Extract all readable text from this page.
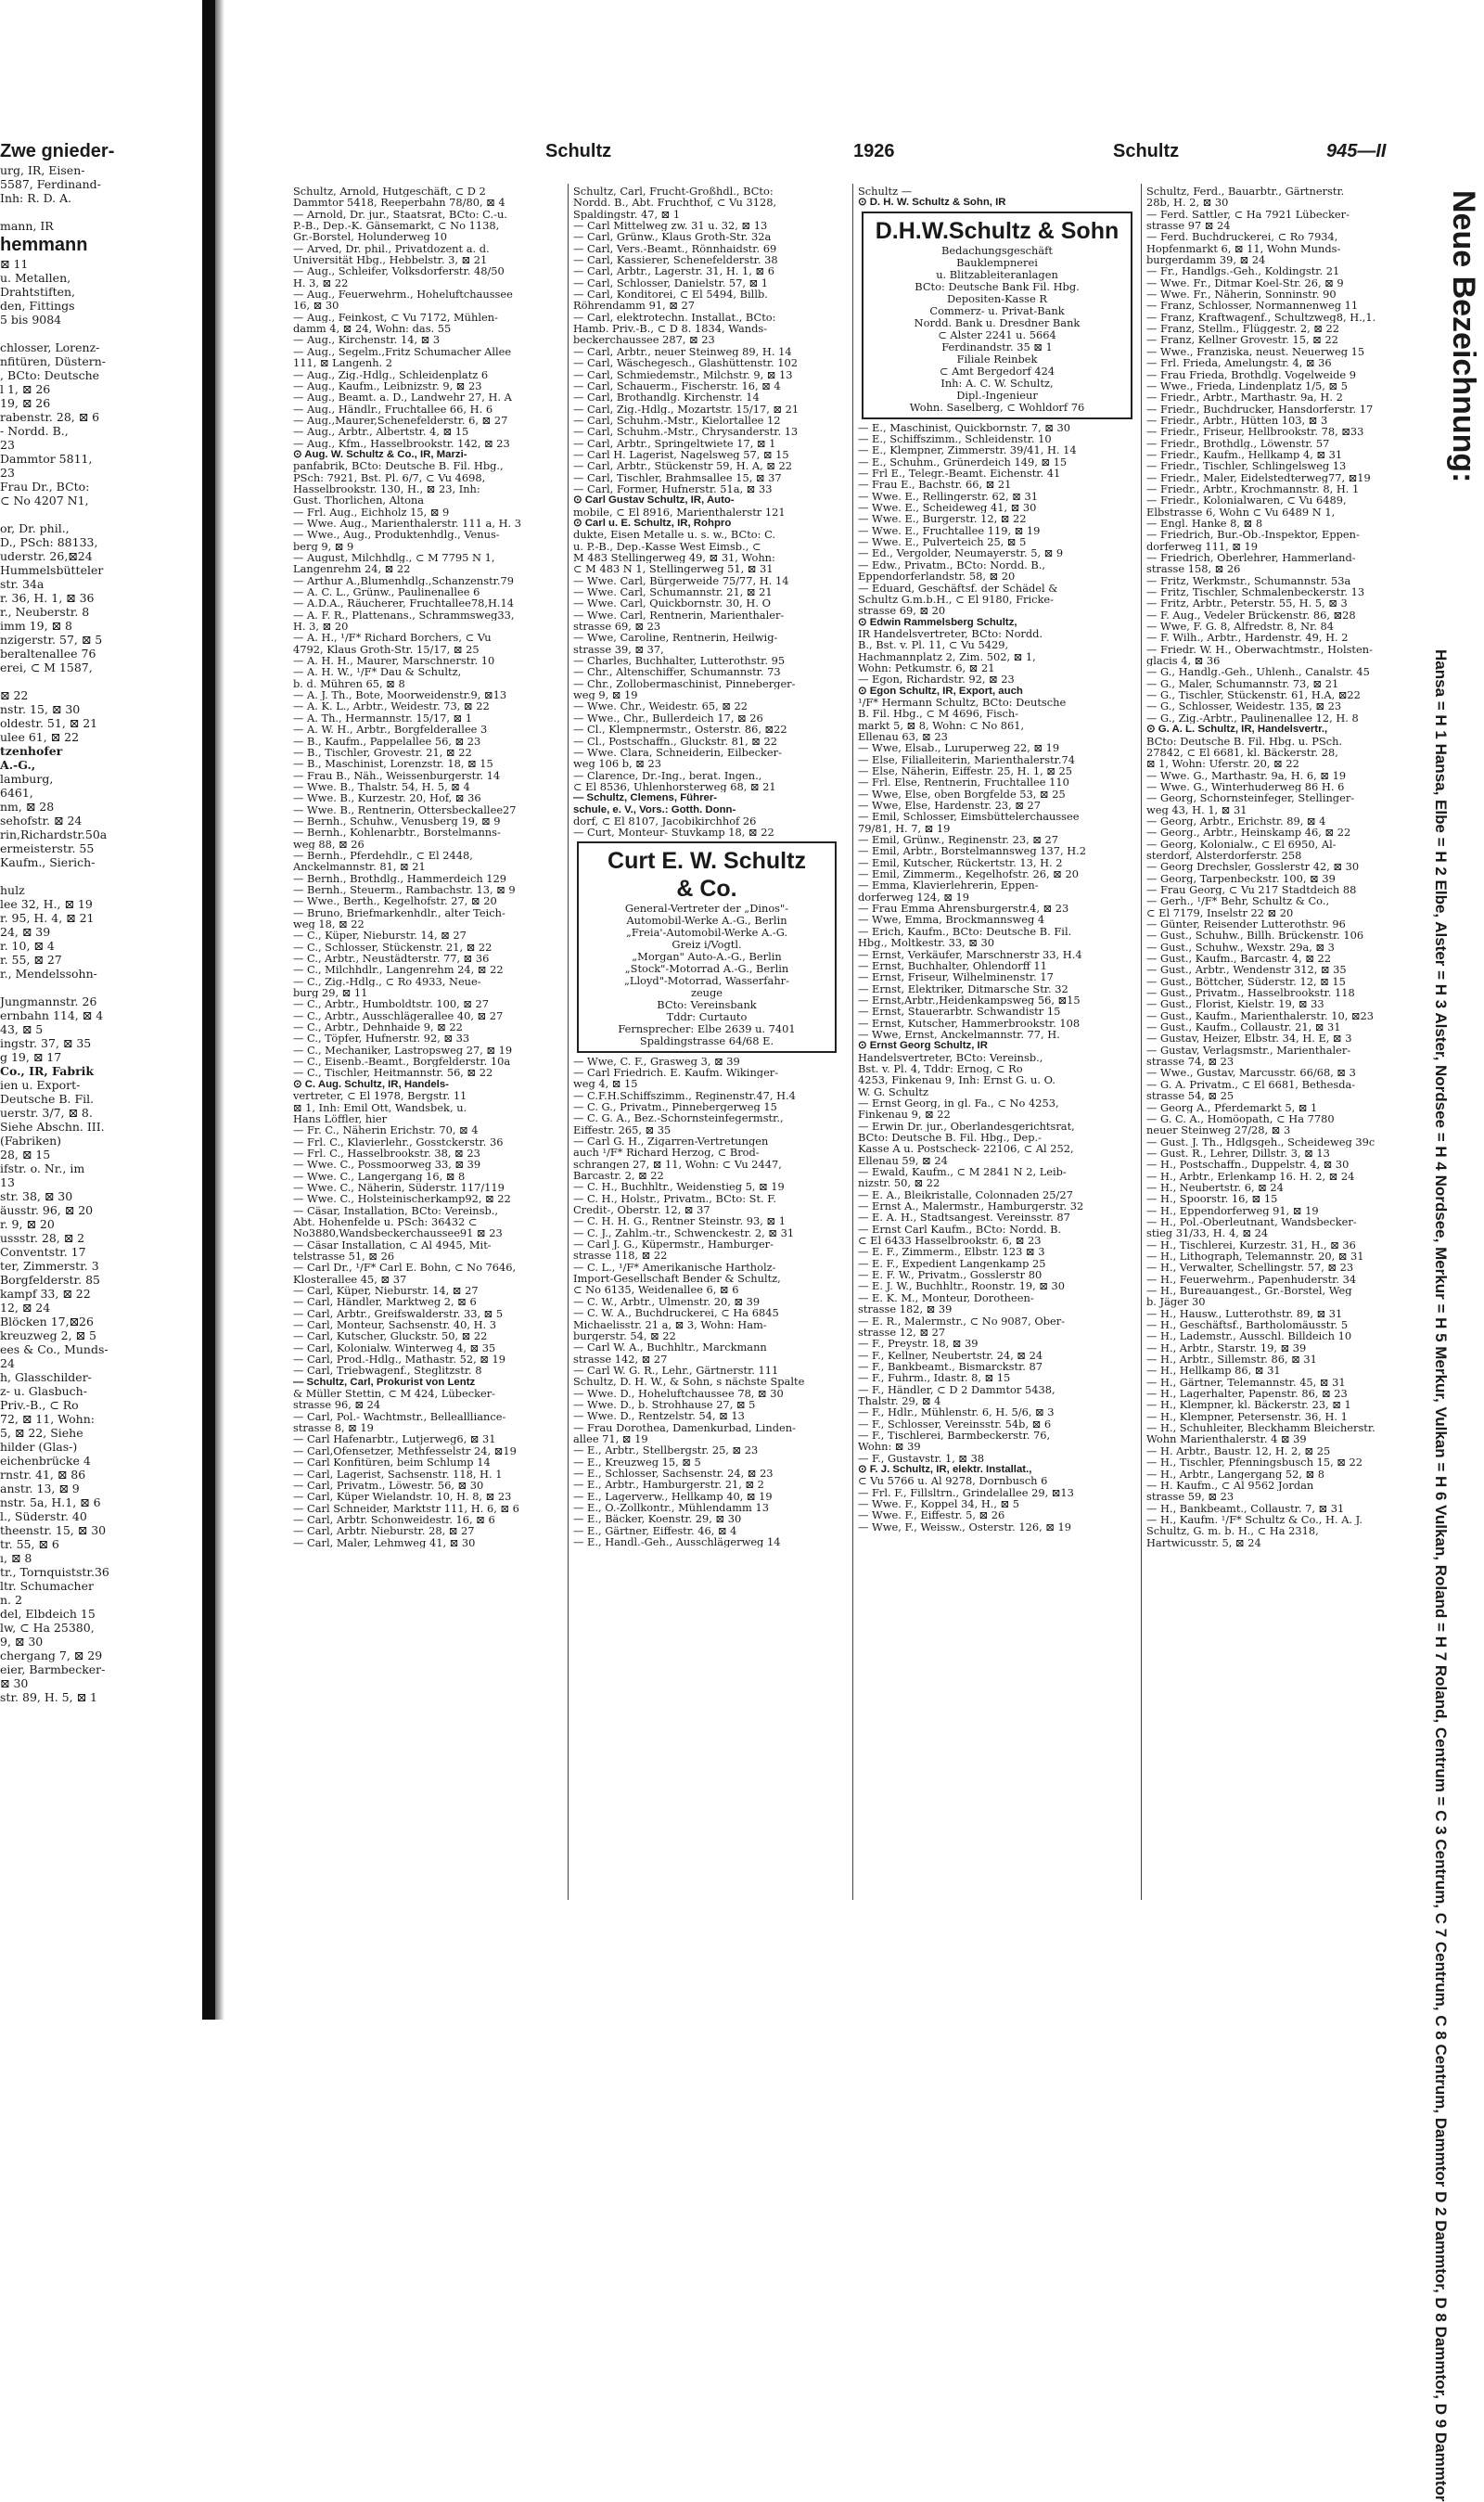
Zwe gnieder-
urg, IR, Eisen-
5587, Ferdinand-
Inh: R. D. A.

mann, IR
hemmann
⊠ 11
u. Metallen,
Drahtstiften,
den, Fittings
5 bis 9084

chlosser, Lorenz-
nfitüren, Düstern-
, BCto: Deutsche
l 1, ⊠ 26
19, ⊠ 26
rabenstr. 28, ⊠ 6
- Nordd. B.,
23
Dammtor 5811,
23
Frau Dr., BCto:
⊂ No 4207 N1,

or, Dr. phil.,
D., PSch: 88133,
uderstr. 26,⊠24
Hummelsbütteler
str. 34a
r. 36, H. 1, ⊠ 36
r., Neuberstr. 8
imm 19, ⊠ 8
nzigerstr. 57, ⊠ 5
beraltenallee 76
erei, ⊂ M 1587,

⊠ 22
nstr. 15, ⊠ 30
oldestr. 51, ⊠ 21
ulee 61, ⊠ 22
tzenhofer
A.-G.,
lamburg,
6461,
nm, ⊠ 28
sehofstr. ⊠ 24
rin,Richardstr.50a
ermeisterstr. 55
Kaufm., Sierich-

hulz
lee 32, H., ⊠ 19
r. 95, H. 4, ⊠ 21
24, ⊠ 39
r. 10, ⊠ 4
r. 55, ⊠ 27
r., Mendelssohn-

Jungmannstr. 26
ernbahn 114, ⊠ 4
43, ⊠ 5
ingstr. 37, ⊠ 35
g 19, ⊠ 17
Co., IR, Fabrik
ien u. Export-
Deutsche B. Fil.
uerstr. 3/7, ⊠ 8.
Siehe Abschn. III.
(Fabriken)
28, ⊠ 15
ifstr. o. Nr., im
13
str. 38, ⊠ 30
äusstr. 96, ⊠ 20
r. 9, ⊠ 20
ussstr. 28, ⊠ 2
Conventstr. 17
ter, Zimmerstr. 3
Borgfelderstr. 85
kampf 33, ⊠ 22
12, ⊠ 24
Blöcken 17,⊠26
kreuzweg 2, ⊠ 5
ees & Co., Munds-
24
h, Glasschilder-
z- u. Glasbuch-
Priv.-B., ⊂ Ro
72, ⊠ 11, Wohn:
5, ⊠ 22, Siehe
hilder (Glas-)
eichenbrücke 4
rnstr. 41, ⊠ 86
anstr. 13, ⊠ 9
nstr. 5a, H.1, ⊠ 6
l., Süderstr. 40
theenstr. 15, ⊠ 30
tr. 55, ⊠ 6
ı, ⊠ 8
tr., Tornquiststr.36
ltr. Schumacher
n. 2
del, Elbdeich 15
lw, ⊂ Ha 25380,
9, ⊠ 30
chergang 7, ⊠ 29
eier, Barmbecker-
⊠ 30
str. 89, H. 5, ⊠ 1
Schultz	1926	Schultz	945—II
Schultz, Arnold, Hutgeschäft, ⊂ D 2
Dammtor 5418, Reeperbahn 78/80, ⊠ 4
— Arnold, Dr. jur., Staatsrat, BCto: C.-u.
P.-B., Dep.-K. Gänsemarkt, ⊂ No 1138,
Gr.-Borstel, Holunderweg 10
— Arved, Dr. phil., Privatdozent a. d.
Universität Hbg., Hebbelstr. 3, ⊠ 21
— Aug., Schleifer, Volksdorferstr. 48/50
H. 3, ⊠ 22
— Aug., Feuerwehrm., Hoheluftchaussee
16, ⊠ 30
— Aug., Feinkost, ⊂ Vu 7172, Mühlen-
damm 4, ⊠ 24, Wohn: das. 55
— Aug., Kirchenstr. 14, ⊠ 3
— Aug., Segelm.,Fritz Schumacher Allee
111, ⊠ Langenh. 2
— Aug., Zig.-Hdlg., Schleidenplatz 6
— Aug., Kaufm., Leibnizstr. 9, ⊠ 23
— Aug., Beamt. a. D., Landwehr 27, H. A
— Aug., Händlr., Fruchtallee 66, H. 6
— Aug.,Maurer,Schenefelderstr. 6, ⊠ 27
— Aug., Arbtr., Albertstr. 4, ⊠ 15
— Aug., Kfm., Hasselbrookstr. 142, ⊠ 23
⊙ Aug. W. Schultz & Co., IR, Marzi-
panfabrik, BCto: Deutsche B. Fil. Hbg.,
PSch: 7921, Bst. Pl. 6/7, ⊂ Vu 4698,
Hasselbrookstr. 130, H., ⊠ 23, Inh:
Gust. Thorlichen, Altona
— Frl. Aug., Eichholz 15, ⊠ 9
— Wwe. Aug., Marienthalerstr. 111 a, H. 3
— Wwe., Aug., Produktenhdlg., Venus-
berg 9, ⊠ 9
— August, Milchhdlg., ⊂ M 7795 N 1,
Langenrehm 24, ⊠ 22
— Arthur A.,Blumenhdlg.,Schanzenstr.79
— A. C. L., Grünw., Paulinenallee 6
— A.D.A., Räucherer, Fruchtallee78,H.14
— A. F. R., Plattenans., Schrammsweg33,
H. 3, ⊠ 20
— A. H., ¹/F* Richard Borchers, ⊂ Vu
4792, Klaus Groth-Str. 15/17, ⊠ 25
— A. H. H., Maurer, Marschnerstr. 10
— A. H. W., ¹/F* Dau & Schultz,
b. d. Mühren 65, ⊠ 8
— A. J. Th., Bote, Moorweidenstr.9, ⊠13
— A. K. L., Arbtr., Weidestr. 73, ⊠ 22
— A. Th., Hermannstr. 15/17, ⊠ 1
— A. W. H., Arbtr., Borgfelderallee 3
— B., Kaufm., Pappelallee 56, ⊠ 23
— B., Tischler, Grovestr. 21, ⊠ 22
— B., Maschinist, Lorenzstr. 18, ⊠ 15
— Frau B., Näh., Weissenburgerstr. 14
— Wwe. B., Thalstr. 54, H. 5, ⊠ 4
— Wwe. B., Kurzestr. 20, Hof, ⊠ 36
— Wwe. B., Rentnerin, Ottersbeckallee27
— Bernh., Schuhw., Venusberg 19, ⊠ 9
— Bernh., Kohlenarbtr., Borstelmanns-
weg 88, ⊠ 26
— Bernh., Pferdehdlr., ⊂ El 2448,
Anckelmannstr. 81, ⊠ 21
— Bernh., Brothdlg., Hammerdeich 129
— Bernh., Steuerm., Rambachstr. 13, ⊠ 9
— Wwe., Berth., Kegelhofstr. 27, ⊠ 20
— Bruno, Briefmarkenhdlr., alter Teich-
weg 18, ⊠ 22
— C., Küper, Nieburstr. 14, ⊠ 27
— C., Schlosser, Stückenstr. 21, ⊠ 22
— C., Arbtr., Neustädterstr. 77, ⊠ 36
— C., Milchhdlr., Langenrehm 24, ⊠ 22
— C., Zig.-Hdlg., ⊂ Ro 4933, Neue-
burg 29, ⊠ 11
— C., Arbtr., Humboldtstr. 100, ⊠ 27
— C., Arbtr., Ausschlägerallee 40, ⊠ 27
— C., Arbtr., Dehnhaide 9, ⊠ 22
— C., Töpfer, Hufnerstr. 92, ⊠ 33
— C., Mechaniker, Lastropsweg 27, ⊠ 19
— C., Eisenb.-Beamt., Borgfelderstr. 10a
— C., Tischler, Heitmannstr. 56, ⊠ 22
⊙ C. Aug. Schultz, IR, Handels-
vertreter, ⊂ El 1978, Bergstr. 11
⊠ 1, Inh: Emil Ott, Wandsbek, u.
Hans Löffler, hier
— Fr. C., Näherin Erichstr. 70, ⊠ 4
— Frl. C., Klavierlehr., Gosstckerstr. 36
— Frl. C., Hasselbrookstr. 38, ⊠ 23
— Wwe. C., Possmoorweg 33, ⊠ 39
— Wwe. C., Langergang 16, ⊠ 8
— Wwe. C., Näherin, Süderstr. 117/119
— Wwe. C., Holsteinischerkamp92, ⊠ 22
— Cäsar, Installation, BCto: Vereinsb.,
Abt. Hohenfelde u. PSch: 36432 ⊂
No3880,Wandsbeckerchaussee91 ⊠ 23
— Cäsar Installation, ⊂ Al 4945, Mit-
telstrasse 51, ⊠ 26
— Carl Dr., ¹/F* Carl E. Bohn, ⊂ No 7646,
Klosterallee 45, ⊠ 37
— Carl, Küper, Nieburstr. 14, ⊠ 27
— Carl, Händler, Marktweg 2, ⊠ 6
— Carl, Arbtr., Greifswalderstr. 33, ⊠ 5
— Carl, Monteur, Sachsenstr. 40, H. 3
— Carl, Kutscher, Gluckstr. 50, ⊠ 22
— Carl, Kolonialw. Winterweg 4, ⊠ 35
— Carl, Prod.-Hdlg., Mathastr. 52, ⊠ 19
— Carl, Triebwagenf., Steglitzstr. 8
— Schultz, Carl, Prokurist von Lentz
& Müller Stettin, ⊂ M 424, Lübecker-
strasse 96, ⊠ 24
— Carl, Pol.- Wachtmstr., Belleallliance-
strasse 8, ⊠ 19
— Carl Hafenarbtr., Lutjerweg6, ⊠ 31
— Carl,Ofensetzer, Methfesselstr 24, ⊠19
— Carl Konfitüren, beim Schlump 14
— Carl, Lagerist, Sachsenstr. 118, H. 1
— Carl, Privatm., Löwestr. 56, ⊠ 30
— Carl, Küper Wielandstr. 10, H. 8, ⊠ 23
— Carl Schneider, Marktstr 111, H. 6, ⊠ 6
— Carl, Arbtr. Schonweidestr. 16, ⊠ 6
— Carl, Arbtr. Nieburstr. 28, ⊠ 27
— Carl, Maler, Lehmweg 41, ⊠ 30
Schultz, Carl, Frucht-Großhdl., BCto:
Nordd. B., Abt. Fruchthof, ⊂ Vu 3128,
Spaldingstr. 47, ⊠ 1
— Carl Mittelweg zw. 31 u. 32, ⊠ 13
— Carl, Grünw., Klaus Groth-Str. 32a
— Carl, Vers.-Beamt., Rönnhaidstr. 69
— Carl, Kassierer, Schenefelderstr. 38
— Carl, Arbtr., Lagerstr. 31, H. 1, ⊠ 6
— Carl, Schlosser, Danielstr. 57, ⊠ 1
— Carl, Konditorei, ⊂ El 5494, Billb.
Röhrendamm 91, ⊠ 27
— Carl, elektrotechn. Installat., BCto:
Hamb. Priv.-B., ⊂ D 8. 1834, Wands-
beckerchaussee 287, ⊠ 23
— Carl, Arbtr., neuer Steinweg 89, H. 14
— Carl, Wäschegesch., Glashüttenstr. 102
— Carl, Schmiedemstr., Milchstr. 9, ⊠ 13
— Carl, Schauerm., Fischerstr. 16, ⊠ 4
— Carl, Brothandlg. Kirchenstr. 14
— Carl, Zig.-Hdlg., Mozartstr. 15/17, ⊠ 21
— Carl, Schuhm.-Mstr., Kielortallee 12
— Carl, Schuhm.-Mstr., Chrysanderstr. 13
— Carl, Arbtr., Springeltwiete 17, ⊠ 1
— Carl H. Lagerist, Nagelsweg 57, ⊠ 15
— Carl, Arbtr., Stückenstr 59, H. A, ⊠ 22
— Carl, Tischler, Brahmsallee 15, ⊠ 37
— Carl, Former, Hufnerstr. 51a, ⊠ 33
⊙ Carl Gustav Schultz, IR, Auto-
mobile, ⊂ El 8916, Marienthalerstr 121
⊙ Carl u. E. Schultz, IR, Rohpro
dukte, Eisen Metalle u. s. w., BCto: C.
u. P.-B., Dep.-Kasse West Eimsb., ⊂
M 483 Stellingerweg 49, ⊠ 31, Wohn:
⊂ M 483 N 1, Stellingerweg 51, ⊠ 31
— Wwe. Carl, Bürgerweide 75/77, H. 14
— Wwe. Carl, Schumannstr. 21, ⊠ 21
— Wwe. Carl, Quickbornstr. 30, H. O
— Wwe. Carl, Rentnerin, Marienthaler-
strasse 69, ⊠ 23
— Wwe, Caroline, Rentnerin, Heilwig-
strasse 39, ⊠ 37,
— Charles, Buchhalter, Lutterothstr. 95
— Chr., Altenschiffer, Schumannstr. 73
— Chr., Zollobermaschinist, Pinneberger-
weg 9, ⊠ 19
— Wwe. Chr., Weidestr. 65, ⊠ 22
— Wwe., Chr., Bullerdeich 17, ⊠ 26
— Cl., Klempnermstr., Osterstr. 86, ⊠22
— Cl., Postschaffn., Gluckstr. 81, ⊠ 22
— Wwe. Clara, Schneiderin, Eilbecker-
weg 106 b, ⊠ 23
— Clarence, Dr.-Ing., berat. Ingen.,
⊂ El 8536, Uhlenhorsterweg 68, ⊠ 21
— Schultz, Clemens, Führer-
schule, e. V., Vors.: Gotth. Donn-
dorf, ⊂ El 8107, Jacobikirchhof 26
— Curt, Monteur- Stuvkamp 18, ⊠ 22
Curt E. W. Schultz
& Co.
General-Vertreter der „Dinos"-
Automobil-Werke A.-G., Berlin
„Freia'-Automobil-Werke A.-G.
Greiz i/Vogtl.
„Morgan" Auto-A.-G., Berlin
„Stock"-Motorrad A.-G., Berlin
„Lloyd"-Motorrad, Wasserfahr-
zeuge
BCto: Vereinsbank
Tddr: Curtauto
Fernsprecher: Elbe 2639 u. 7401
Spaldingstrasse 64/68 E.
— Wwe, C. F., Grasweg 3, ⊠ 39
— Carl Friedrich. E. Kaufm. Wikinger-
weg 4, ⊠ 15
— C.F.H.Schiffszimm., Reginenstr.47, H.4
— C. G., Privatm., Pinnebergerweg 15
— C. G. A., Bez.-Schornsteinfegermstr.,
Eiffestr. 265, ⊠ 35
— Carl G. H., Zigarren-Vertretungen
auch ¹/F* Richard Herzog, ⊂ Brod-
schrangen 27, ⊠ 11, Wohn: ⊂ Vu 2447,
Barcastr. 2, ⊠ 22
— C. H., Buchhltr., Weidenstieg 5, ⊠ 19
— C. H., Holstr., Privatm., BCto: St. F.
Credit-, Oberstr. 12, ⊠ 37
— C. H. H. G., Rentner Steinstr. 93, ⊠ 1
— C. J., Zahlm.-tr., Schwenckestr. 2, ⊠ 31
— Carl J. G., Küpermstr., Hamburger-
strasse 118, ⊠ 22
— C. L., ¹/F* Amerikanische Hartholz-
Import-Gesellschaft Bender & Schultz,
⊂ No 6135, Weidenallee 6, ⊠ 6
— C. W., Arbtr., Ulmenstr. 20, ⊠ 39
— C. W. A., Buchdruckerei, ⊂ Ha 6845
Michaelisstr. 21 a, ⊠ 3, Wohn: Ham-
burgerstr. 54, ⊠ 22
— Carl W. A., Buchhltr., Marckmann
strasse 142, ⊠ 27
— Carl W. G. R., Lehr., Gärtnerstr. 111
Schultz, D. H. W., & Sohn, s nächste Spalte
— Wwe. D., Hoheluftchaussee 78, ⊠ 30
— Wwe. D., b. Strohhause 27, ⊠ 5
— Wwe. D., Rentzelstr. 54, ⊠ 13
— Frau Dorothea, Damenkurbad, Linden-
allee 71, ⊠ 19
— E., Arbtr., Stellbergstr. 25, ⊠ 23
— E., Kreuzweg 15, ⊠ 5
— E., Schlosser, Sachsenstr. 24, ⊠ 23
— E., Arbtr., Hamburgerstr. 21, ⊠ 2
— E., Lagerverw., Hellkamp 40, ⊠ 19
— E., O.-Zollkontr., Mühlendamm 13
— E., Bäcker, Koenstr. 29, ⊠ 30
— E., Gärtner, Eiffestr. 46, ⊠ 4
— E., Handl.-Geh., Ausschlägerweg 14
Schultz —
⊙ D. H. W. Schultz & Sohn, IR
D.H.W.Schultz & Sohn
Bedachungsgeschäft
Bauklempnerei
u. Blitzableiteranlagen
BCto: Deutsche Bank Fil. Hbg.
Depositen-Kasse R
Commerz- u. Privat-Bank
Nordd. Bank u. Dresdner Bank
⊂ Alster 2241 u. 5664
Ferdinandstr. 35 ⊠ 1
Filiale Reinbek
⊂ Amt Bergedorf 424
Inh: A. C. W. Schultz,
Dipl.-Ingenieur
Wohn. Saselberg, ⊂ Wohldorf 76
— E., Maschinist, Quickbornstr. 7, ⊠ 30
— E., Schiffszimm., Schleidenstr. 10
— E., Klempner, Zimmerstr. 39/41, H. 14
— E., Schuhm., Grünerdeich 149, ⊠ 15
— Frl E., Telegr.-Beamt. Eichenstr. 41
— Frau E., Bachstr. 66, ⊠ 21
— Wwe. E., Rellingerstr. 62, ⊠ 31
— Wwe. E., Scheideweg 41, ⊠ 30
— Wwe. E., Burgerstr. 12, ⊠ 22
— Wwe. E., Fruchtallee 119, ⊠ 19
— Wwe. E., Pulverteich 25, ⊠ 5
— Ed., Vergolder, Neumayerstr. 5, ⊠ 9
— Edw., Privatm., BCto: Nordd. B.,
Eppendorferlandstr. 58, ⊠ 20
— Eduard, Geschäftsf. der Schädel &
Schultz G.m.b.H., ⊂ El 9180, Fricke-
strasse 69, ⊠ 20
⊙ Edwin Rammelsberg Schultz,
IR Handelsvertreter, BCto: Nordd.
B., Bst. v. Pl. 11, ⊂ Vu 5429,
Hachmannplatz 2, Zim. 502, ⊠ 1,
Wohn: Petkumstr. 6, ⊠ 21
— Egon, Richardstr. 92, ⊠ 23
⊙ Egon Schultz, IR, Export, auch
¹/F* Hermann Schultz, BCto: Deutsche
B. Fil. Hbg., ⊂ M 4696, Fisch-
markt 5, ⊠ 8, Wohn: ⊂ No 861,
Ellenau 63, ⊠ 23
— Wwe, Elsab., Luruperweg 22, ⊠ 19
— Else, Filialleiterin, Marienthalerstr.74
— Else, Näherin, Eiffestr. 25, H. 1, ⊠ 25
— Frl. Else, Rentnerin, Fruchtallee 110
— Wwe, Else, oben Borgfelde 53, ⊠ 25
— Wwe, Else, Hardenstr. 23, ⊠ 27
— Emil, Schlosser, Eimsbüttelerchaussee
79/81, H. 7, ⊠ 19
— Emil, Grünw., Reginenstr. 23, ⊠ 27
— Emil, Arbtr., Borstelmannsweg 137, H.2
— Emil, Kutscher, Rückertstr. 13, H. 2
— Emil, Zimmerm., Kegelhofstr. 26, ⊠ 20
— Emma, Klavierlehrerin, Eppen-
dorferweg 124, ⊠ 19
— Frau Emma Ahrensburgerstr.4, ⊠ 23
— Wwe, Emma, Brockmannsweg 4
— Erich, Kaufm., BCto: Deutsche B. Fil.
Hbg., Moltkestr. 33, ⊠ 30
— Ernst, Verkäufer, Marschnerstr 33, H.4
— Ernst, Buchhalter, Ohlendorff 11
— Ernst, Friseur, Wilhelminenstr. 17
— Ernst, Elektriker, Ditmarsche Str. 32
— Ernst,Arbtr.,Heidenkampsweg 56, ⊠15
— Ernst, Stauerarbtr. Schwandistr 15
— Ernst, Kutscher, Hammerbrookstr. 108
— Wwe, Ernst, Anckelmannstr. 77, H.
⊙ Ernst Georg Schultz, IR
Handelsvertreter, BCto: Vereinsb.,
Bst. v. Pl. 4, Tddr: Ernog, ⊂ Ro
4253, Finkenau 9, Inh: Ernst G. u. O.
W. G. Schultz
— Ernst Georg, in gl. Fa., ⊂ No 4253,
Finkenau 9, ⊠ 22
— Erwin Dr. jur., Oberlandesgerichtsrat,
BCto: Deutsche B. Fil. Hbg., Dep.-
Kasse A u. Postscheck- 22106, ⊂ Al 252,
Ellenau 59, ⊠ 24
— Ewald, Kaufm., ⊂ M 2841 N 2, Leib-
nizstr. 50, ⊠ 22
— E. A., Bleikristalle, Colonnaden 25/27
— Ernst A., Malermstr., Hamburgerstr. 32
— E. A. H., Stadtsangest. Vereinsstr. 87
— Ernst Carl Kaufm., BCto: Nordd. B.
⊂ El 6433 Hasselbrookstr. 6, ⊠ 23
— E. F., Zimmerm., Elbstr. 123 ⊠ 3
— E. F., Expedient Langenkamp 25
— E. F. W., Privatm., Gosslerstr 80
— E. J. W., Buchhltr., Roonstr. 19, ⊠ 30
— E. K. M., Monteur, Dorotheen-
strasse 182, ⊠ 39
— E. R., Malermstr., ⊂ No 9087, Ober-
strasse 12, ⊠ 27
— F., Preystr. 18, ⊠ 39
— F., Kellner, Neubertstr. 24, ⊠ 24
— F., Bankbeamt., Bismarckstr. 87
— F., Fuhrm., Idastr. 8, ⊠ 15
— F., Händler, ⊂ D 2 Dammtor 5438,
Thalstr. 29, ⊠ 4
— F., Hdlr., Mühlenstr. 6, H. 5/6, ⊠ 3
— F., Schlosser, Vereinsstr. 54b, ⊠ 6
— F., Tischlerei, Barmbeckerstr. 76,
Wohn: ⊠ 39
— F., Gustavstr. 1, ⊠ 38
⊙ F. J. Schultz, IR, elektr. Installat.,
⊂ Vu 5766 u. Al 9278, Dornbusch 6
— Frl. F., Fillsltrn., Grindelallee 29, ⊠13
— Wwe. F., Koppel 34, H., ⊠ 5
— Wwe. F., Eiffestr. 5, ⊠ 26
— Wwe, F., Weissw., Osterstr. 126, ⊠ 19
Schultz, Ferd., Bauarbtr., Gärtnerstr.
28b, H. 2, ⊠ 30
— Ferd. Sattler, ⊂ Ha 7921 Lübecker-
strasse 97 ⊠ 24
— Ferd. Buchdruckerei, ⊂ Ro 7934,
Hopfenmarkt 6, ⊠ 11, Wohn Munds-
burgerdamm 39, ⊠ 24
— Fr., Handlgs.-Geh., Koldingstr. 21
— Wwe. Fr., Ditmar Koel-Str. 26, ⊠ 9
— Wwe. Fr., Näherin, Sonninstr. 90
— Franz, Schlosser, Normannenweg 11
— Franz, Kraftwagenf., Schultzweg8, H.,1.
— Franz, Stellm., Flüggestr. 2, ⊠ 22
— Franz, Kellner Grovestr. 15, ⊠ 22
— Wwe., Franziska, neust. Neuerweg 15
— Frl. Frieda, Amelungstr. 4, ⊠ 36
— Frau Frieda, Brothdlg. Vogelweide 9
— Wwe., Frieda, Lindenplatz 1/5, ⊠ 5
— Friedr., Arbtr., Marthastr. 9a, H. 2
— Friedr., Buchdrucker, Hansdorferstr. 17
— Friedr., Arbtr., Hütten 103, ⊠ 3
— Friedr., Friseur, Hellbrookstr. 78, ⊠33
— Friedr., Brothdlg., Löwenstr. 57
— Friedr., Kaufm., Hellkamp 4, ⊠ 31
— Friedr., Tischler, Schlingelsweg 13
— Friedr., Maler, Eidelstedterweg77, ⊠19
— Friedr., Arbtr., Krochmannstr. 8, H. 1
— Friedr., Kolonialwaren, ⊂ Vu 6489,
Elbstrasse 6, Wohn ⊂ Vu 6489 N 1,
— Engl. Hanke 8, ⊠ 8
— Friedrich, Bur.-Ob.-Inspektor, Eppen-
dorferweg 111, ⊠ 19
— Friedrich, Oberlehrer, Hammerland-
strasse 158, ⊠ 26
— Fritz, Werkmstr., Schumannstr. 53a
— Fritz, Tischler, Schmalenbeckerstr. 13
— Fritz, Arbtr., Peterstr. 55, H. 5, ⊠ 3
— F. Aug., Vedeler Brückenstr. 86, ⊠28
— Wwe, F. G. 8, Alfredstr. 8, Nr. 84
— F. Wilh., Arbtr., Hardenstr. 49, H. 2
— Friedr. W. H., Oberwachtmstr., Holsten-
glacis 4, ⊠ 36
— G., Handlg.-Geh., Uhlenh., Canalstr. 45
— G., Maler, Schumannstr. 73, ⊠ 21
— G., Tischler, Stückenstr. 61, H.A, ⊠22
— G., Schlosser, Weidestr. 135, ⊠ 23
— G., Zig.-Arbtr., Paulinenallee 12, H. 8
⊙ G. A. L. Schultz, IR, Handelsvertr.,
BCto: Deutsche B. Fil. Hbg. u. PSch.
27842, ⊂ El 6681, kl. Bäckerstr. 28,
⊠ 1, Wohn: Uferstr. 20, ⊠ 22
— Wwe. G., Marthastr. 9a, H. 6, ⊠ 19
— Wwe. G., Winterhuderweg 86 H. 6
— Georg, Schornsteinfeger, Stellinger-
weg 43, H. 1, ⊠ 31
— Georg, Arbtr., Erichstr. 89, ⊠ 4
— Georg., Arbtr., Heinskamp 46, ⊠ 22
— Georg, Kolonialw., ⊂ El 6950, Al-
sterdorf, Alsterdorferstr. 258
— Georg Drechsler, Gosslerstr 42, ⊠ 30
— Georg, Tarpenbeckstr. 100, ⊠ 39
— Frau Georg, ⊂ Vu 217 Stadtdeich 88
— Gerh., ¹/F* Behr, Schultz & Co.,
⊂ El 7179, Inselstr 22 ⊠ 20
— Günter, Reisender Lutterothstr. 96
— Gust., Schuhw., Billh. Brückenstr. 106
— Gust., Schuhw., Wexstr. 29a, ⊠ 3
— Gust., Kaufm., Barcastr. 4, ⊠ 22
— Gust., Arbtr., Wendenstr 312, ⊠ 35
— Gust., Böttcher, Süderstr. 12, ⊠ 15
— Gust., Privatm., Hasselbrookstr. 118
— Gust., Florist, Kielstr. 19, ⊠ 33
— Gust., Kaufm., Marienthalerstr. 10, ⊠23
— Gust., Kaufm., Collaustr. 21, ⊠ 31
— Gustav, Heizer, Elbstr. 34, H. E, ⊠ 3
— Gustav, Verlagsmstr., Marienthaler-
strasse 74, ⊠ 23
— Wwe., Gustav, Marcusstr. 66/68, ⊠ 3
— G. A. Privatm., ⊂ El 6681, Bethesda-
strasse 54, ⊠ 25
— Georg A., Pferdemarkt 5, ⊠ 1
— G. C. A., Homöopath, ⊂ Ha 7780
neuer Steinweg 27/28, ⊠ 3
— Gust. J. Th., Hdlgsgeh., Scheideweg 39c
— Gust. R., Lehrer, Dillstr. 3, ⊠ 13
— H., Postschaffn., Duppelstr. 4, ⊠ 30
— H., Arbtr., Erlenkamp 16. H. 2, ⊠ 24
— H., Neubertstr. 6, ⊠ 24
— H., Spoorstr. 16, ⊠ 15
— H., Eppendorferweg 91, ⊠ 19
— H., Pol.-Oberleutnant, Wandsbecker-
stieg 31/33, H. 4, ⊠ 24
— H., Tischlerei, Kurzestr. 31, H., ⊠ 36
— H., Lithograph, Telemannstr. 20, ⊠ 31
— H., Verwalter, Schellingstr. 57, ⊠ 23
— H., Feuerwehrm., Papenhuderstr. 34
— H., Bureauangest., Gr.-Borstel, Weg
b. Jäger 30
— H., Hausw., Lutterothstr. 89, ⊠ 31
— H., Geschäftsf., Bartholomäusstr. 5
— H., Lademstr., Ausschl. Billdeich 10
— H., Arbtr., Starstr. 19, ⊠ 39
— H., Arbtr., Sillemstr. 86, ⊠ 31
— H., Hellkamp 86, ⊠ 31
— H., Gärtner, Telemannstr. 45, ⊠ 31
— H., Lagerhalter, Papenstr. 86, ⊠ 23
— H., Klempner, kl. Bäckerstr. 23, ⊠ 1
— H., Klempner, Petersenstr. 36, H. 1
— H., Schuhleiter, Bleckhamm Bleicherstr.
Wohn Marienthalerstr. 4 ⊠ 39
— H. Arbtr., Baustr. 12, H. 2, ⊠ 25
— H., Tischler, Pfenningsbusch 15, ⊠ 22
— H., Arbtr., Langergang 52, ⊠ 8
— H. Kaufm., ⊂ Al 9562 Jordan
strasse 59, ⊠ 23
— H., Bankbeamt., Collaustr. 7, ⊠ 31
— H., Kaufm. ¹/F* Schultz & Co., H. A. J.
Schultz, G. m. b. H., ⊂ Ha 2318,
Hartwicusstr. 5, ⊠ 24
Neue Bezeichnung:
Hansa = H 1 Hansa, Elbe = H 2 Elbe, Alster = H 3 Alster, Nordsee = H 4 Nordsee, Merkur = H 5 Merkur, Vulkan = H 6 Vulkan, Roland = H 7 Roland, Centrum = C 3 Centrum, C 7 Centrum, C 8 Centrum, Dammtor D 2 Dammtor, D 8 Dammtor, D 9 Dammtor
